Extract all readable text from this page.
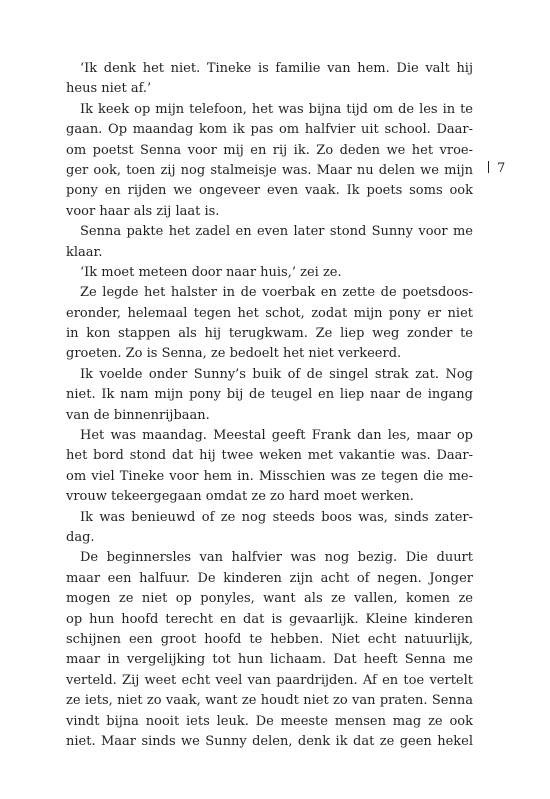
‘Ik denk het niet. Tineke is familie van hem. Die valt hij
heus niet af.’
Ik keek op mijn telefoon, het was bijna tijd om de les in te
gaan. Op maandag kom ik pas om halfvier uit school. Daar-
om poetst Senna voor mij en rij ik. Zo deden we het vroe-
ger ook, toen zij nog stalmeisje was. Maar nu delen we mijn
pony en rijden we ongeveer even vaak. Ik poets soms ook
voor haar als zij laat is.
Senna pakte het zadel en even later stond Sunny voor me
klaar.
‘Ik moet meteen door naar huis,’ zei ze.
Ze legde het halster in de voerbak en zette de poetsdoos-
eronder, helemaal tegen het schot, zodat mijn pony er niet
in kon stappen als hij terugkwam. Ze liep weg zonder te
groeten. Zo is Senna, ze bedoelt het niet verkeerd.
Ik voelde onder Sunny’s buik of de singel strak zat. Nog
niet. Ik nam mijn pony bij de teugel en liep naar de ingang
van de binnenrijbaan.
Het was maandag. Meestal geeft Frank dan les, maar op
het bord stond dat hij twee weken met vakantie was. Daar-
om viel Tineke voor hem in. Misschien was ze tegen die me-
vrouw tekeergegaan omdat ze zo hard moet werken.
Ik was benieuwd of ze nog steeds boos was, sinds zater-
dag.
De beginnersles van halfvier was nog bezig. Die duurt
maar een halfuur. De kinderen zijn acht of negen. Jonger
mogen ze niet op ponyles, want als ze vallen, komen ze
op hun hoofd terecht en dat is gevaarlijk. Kleine kinderen
schijnen een groot hoofd te hebben. Niet echt natuurlijk,
maar in vergelijking tot hun lichaam. Dat heeft Senna me
verteld. Zij weet echt veel van paardrijden. Af en toe vertelt
ze iets, niet zo vaak, want ze houdt niet zo van praten. Senna
vindt bijna nooit iets leuk. De meeste mensen mag ze ook
niet. Maar sinds we Sunny delen, denk ik dat ze geen hekel
7
